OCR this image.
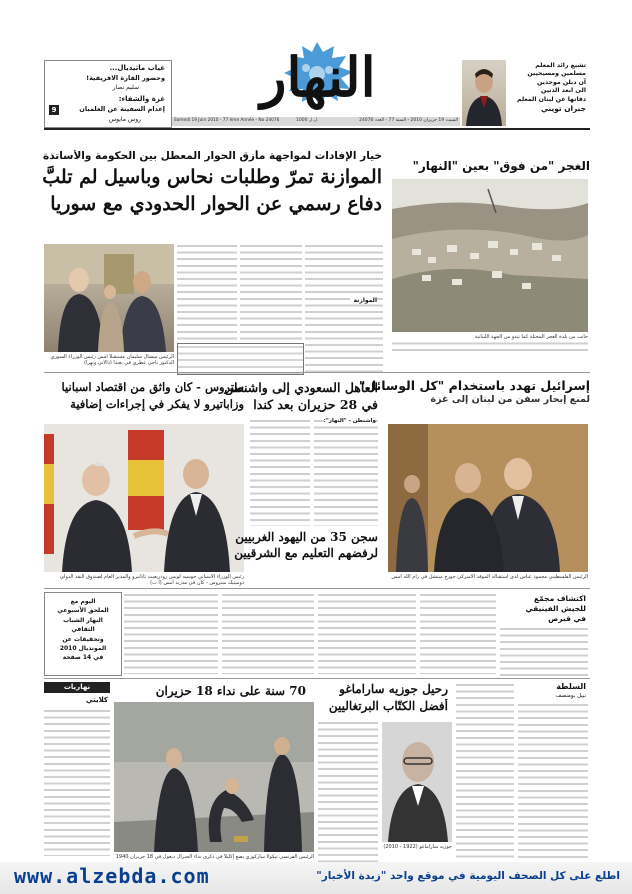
غياب ماثيديال...
وحضور القارة الافريقية!
سليم نصار
غزة والشفاء:
إعدام السفينة عن الغلمبان
روس مايوس
9
النهار	تشيع رائد المعلم
مسلمين ومسيحيين
آن دبلن موحدين
الى ابعد الدنين
دقاتها عن لبنان المعلم
جبران تويني
Samedi 19 Juin 2010 - 77 ème Année - No 24076	السبت 19 حزيران 2010 - السنة 77 - العدد 24076
1000 ل.ل.
خيار الإفادات لمواجهة مأزق الحوار المعطل بين الحكومة والأساتذة
الموازنة تمرّ وطلبات نحاس وباسيل لم تلبَّ
دفاع رسمي عن الحوار الحدودي مع سوريا
الموازنة
الرئيس ميشال سليمان مستقبلاً أمس رئيس الوزراء السوري الدكتور ناجي عطري في بعبدا (دالاتي ونهرا)
الغجر "من فوق" بعين "النهار"
جانب من بلدة الغجر المحتلة كما تبدو من الجهة اللبنانية
إسرائيل تهدد باستخدام "كل الوسائل"
لمنع إبحار سفن من لبنان إلى غزة
الرئيس الفلسطيني محمود عباس لدى استقباله الموفد الاميركي جورج ميتشل في رام الله أمس
العاهل السعودي إلى واشنطن
في 28 حزيران بعد كندا
واشنطن - "النهار":
ستروس - كان واثق من اقتصاد اسبانيا
وزاباتيرو لا يفكر في إجراءات إضافية
رئيس الوزراء الاسباني خوسيه لويس رودريغيث ثاباتيرو والمدير العام لصندوق النقد الدولي دومينيك ستروس - كان في مدريد أمس (أ ب)
سجن 35 من اليهود الغربيين
لرفضهم التعليم مع الشرقيين
اكتشاف مجمّع
للجيش الفينيقي
في قبرص
اليوم مع
الملحق الأسبوعي
النهار الشباب
الثقافي
وتحقيقات عن
المونديال 2010
في 14 صفحة
السلطة
نبيل بومنصف
رحيل جوزيه ساراماغو
أفضل الكتّاب البرتغاليين
جوزيه ساراماغو (1922 - 2010)
70 سنة على نداء 18 حزيران
الرئيس الفرنسي نيكولا ساركوزي يضع إكليلاً في ذكرى نداء الجنرال ديغول في 18 حزيران 1940
نهاريات
كلايتي
www.alzebda.com	اطلع على كل الصحف اليومية في موقع واحد "زبدة الأخبار"
